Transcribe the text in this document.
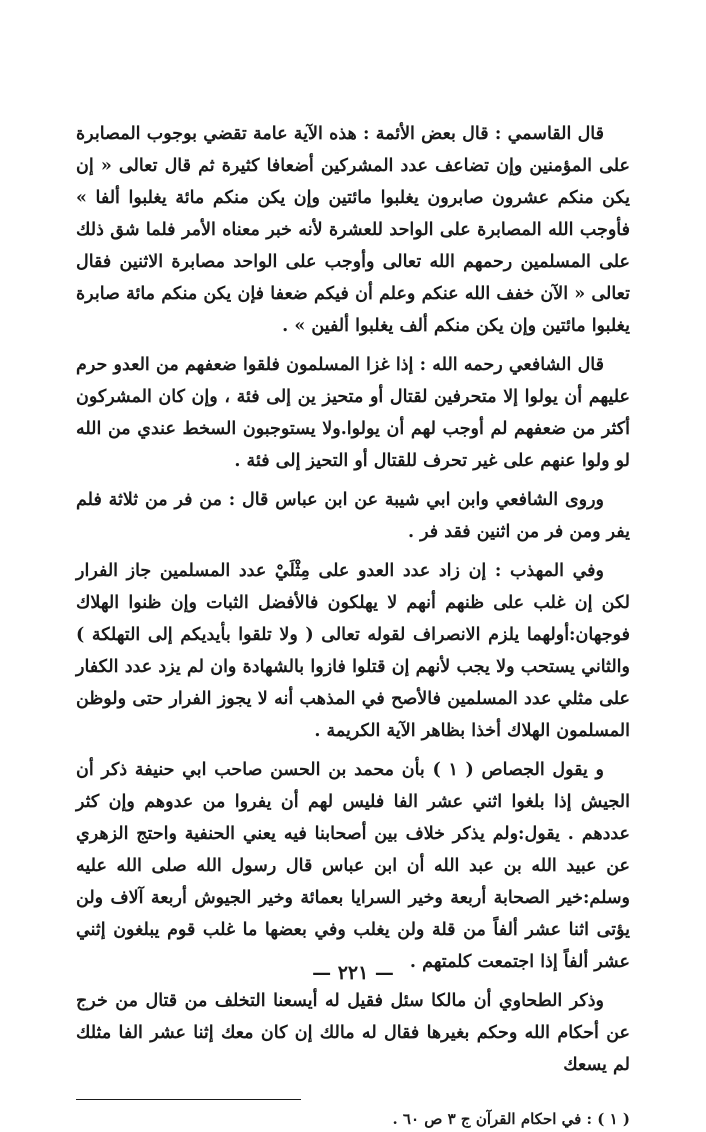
قال القاسمي : قال بعض الأئمة : هذه الآية عامة تقضي بوجوب المصابرة على المؤمنين وإن تضاعف عدد المشركين أضعافا كثيرة ثم قال تعالى « إن يكن منكم عشرون صابرون يغلبوا مائتين وإن يكن منكم مائة يغلبوا ألفا » فأوجب الله المصابرة على الواحد للعشرة لأنه خبر معناه الأمر فلما شق ذلك على المسلمين رحمهم الله تعالى وأوجب على الواحد مصابرة الاثنين فقال تعالى « الآن خفف الله عنكم وعلم أن فيكم ضعفا فإن يكن منكم مائة صابرة يغلبوا مائتين وإن يكن منكم ألف يغلبوا ألفين » .

قال الشافعي رحمه الله : إذا غزا المسلمون فلقوا ضعفهم من العدو حرم عليهم أن يولوا إلا متحرفين لقتال أو متحيز ين إلى فئة ، وإن كان المشركون أكثر من ضعفهم لم أوجب لهم أن يولوا.ولا يستوجبون السخط عندي من الله لو ولوا عنهم على غير تحرف للقتال أو التحيز إلى فئة .

وروى الشافعي وابن ابي شيبة عن ابن عباس قال : من فر من ثلاثة فلم يفر ومن فر من اثنين فقد فر .

وفي المهذب : إن زاد عدد العدو على مِثْلَيْ عدد المسلمين جاز الفرار لكن إن غلب على ظنهم أنهم لا يهلكون فالأفضل الثبات وإن ظنوا الهلاك فوجهان:أولهما يلزم الانصراف لقوله تعالى ( ولا تلقوا بأيديكم إلى التهلكة ) والثاني يستحب ولا يجب لأنهم إن قتلوا فازوا بالشهادة وان لم يزد عدد الكفار على مثلي عدد المسلمين فالأصح في المذهب أنه لا يجوز الفرار حتى ولوظن المسلمون الهلاك أخذا بظاهر الآية الكريمة .

و يقول الجصاص ( ١ ) بأن محمد بن الحسن صاحب ابي حنيفة ذكر أن الجيش إذا بلغوا اثني عشر الفا فليس لهم أن يفروا من عدوهم وإن كثر عددهم . يقول:ولم يذكر خلاف بين أصحابنا فيه يعني الحنفية واحتج الزهري عن عبيد الله بن عبد الله أن ابن عباس قال رسول الله صلى الله عليه وسلم:خير الصحابة أربعة وخير السرايا بعمائة وخير الجيوش أربعة آلاف ولن يؤتى اثنا عشر ألفاً من قلة ولن يغلب وفي بعضها ما غلب قوم يبلغون إثني عشر ألفاً إذا اجتمعت كلمتهم .

وذكر الطحاوي أن مالكا سئل فقيل له أيسعنا التخلف من قتال من خرج عن أحكام الله وحكم بغيرها فقال له مالك إن كان معك إثنا عشر الفا مثلك لم يسعك

( ١ ) : في احكام القرآن ج ٣ ص ٦٠ .

— ٢٢١ —
